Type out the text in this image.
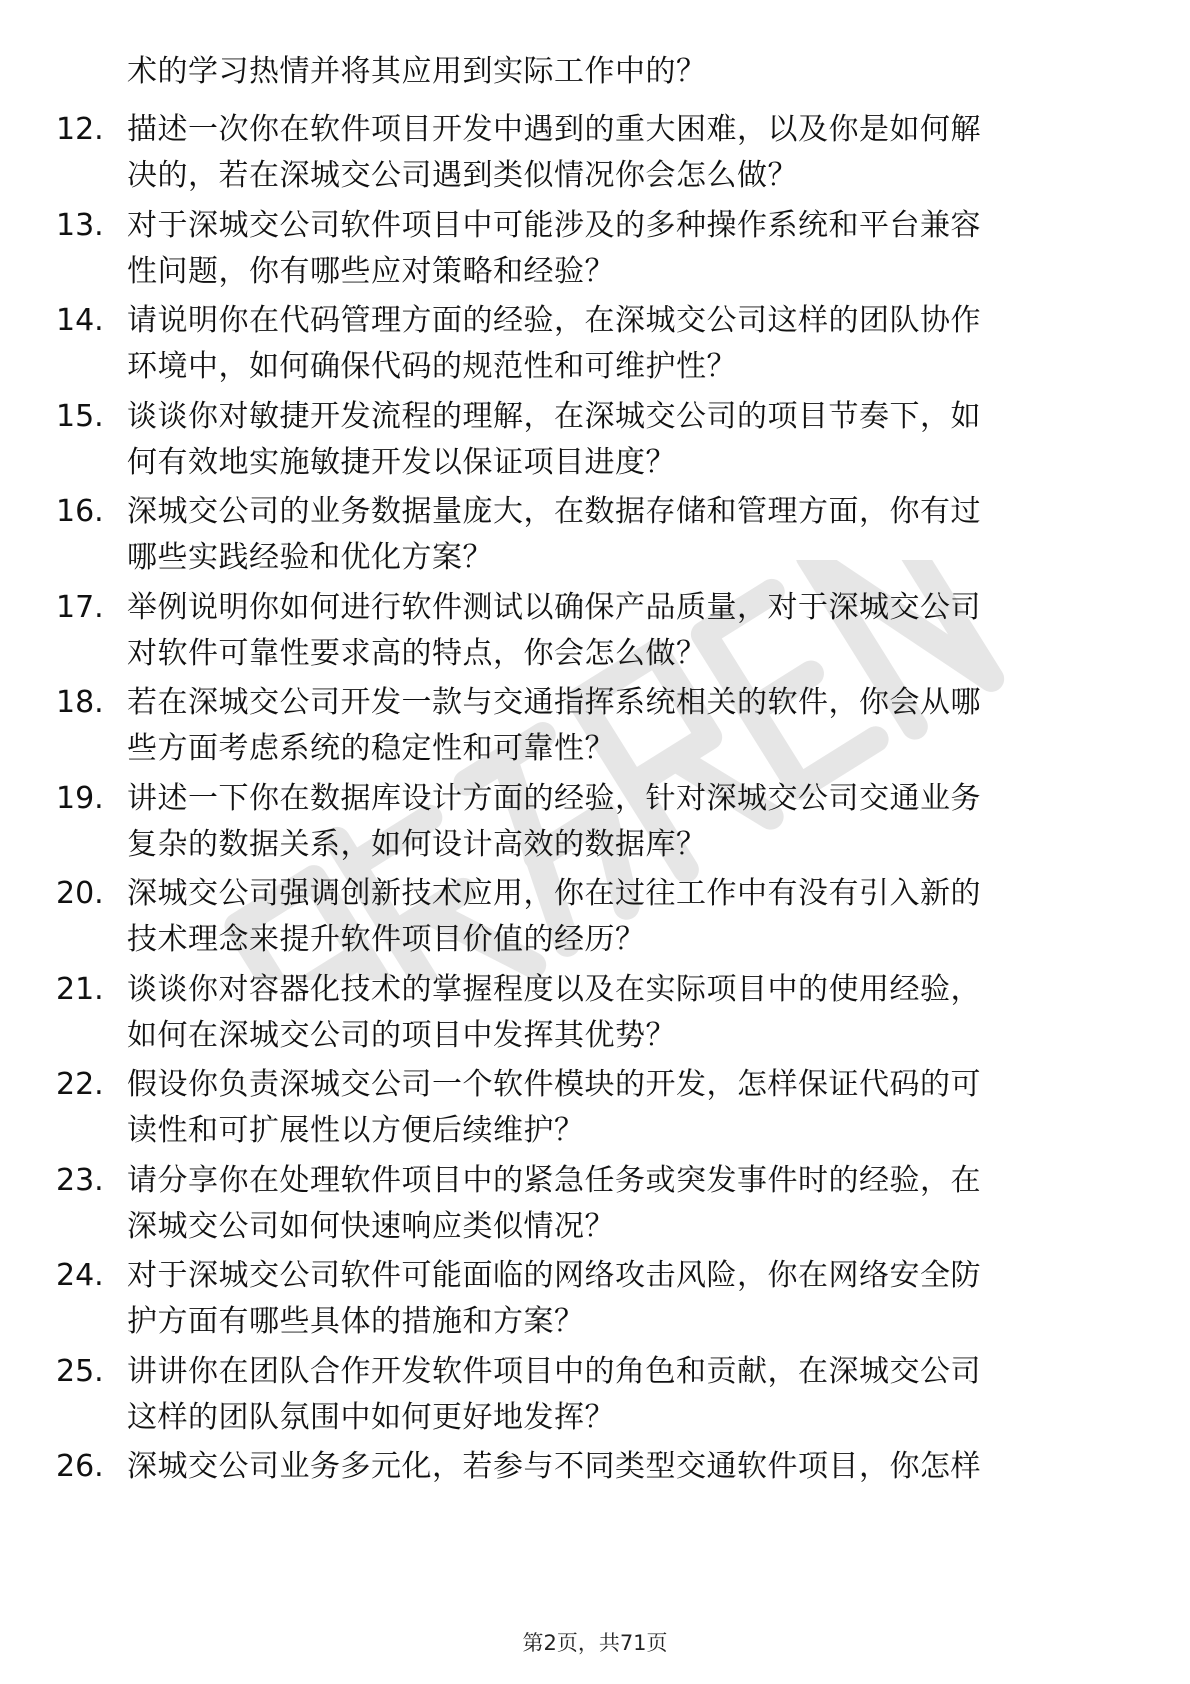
术的学习热情并将其应用到实际工作中的？
12. 描述一次你在软件项目开发中遇到的重大困难，以及你是如何解
决的，若在深城交公司遇到类似情况你会怎么做？
13. 对于深城交公司软件项目中可能涉及的多种操作系统和平台兼容
性问题，你有哪些应对策略和经验？
14. 请说明你在代码管理方面的经验，在深城交公司这样的团队协作
环境中，如何确保代码的规范性和可维护性？
15. 谈谈你对敏捷开发流程的理解，在深城交公司的项目节奏下，如
何有效地实施敏捷开发以保证项目进度？
16. 深城交公司的业务数据量庞大，在数据存储和管理方面，你有过
哪些实践经验和优化方案？
17. 举例说明你如何进行软件测试以确保产品质量，对于深城交公司
对软件可靠性要求高的特点，你会怎么做？
18. 若在深城交公司开发一款与交通指挥系统相关的软件，你会从哪
些方面考虑系统的稳定性和可靠性？
19. 讲述一下你在数据库设计方面的经验，针对深城交公司交通业务
复杂的数据关系，如何设计高效的数据库？
20. 深城交公司强调创新技术应用，你在过往工作中有没有引入新的
技术理念来提升软件项目价值的经历？
21. 谈谈你对容器化技术的掌握程度以及在实际项目中的使用经验，
如何在深城交公司的项目中发挥其优势？
22. 假设你负责深城交公司一个软件模块的开发，怎样保证代码的可
读性和可扩展性以方便后续维护？
23. 请分享你在处理软件项目中的紧急任务或突发事件时的经验，在
深城交公司如何快速响应类似情况？
24. 对于深城交公司软件可能面临的网络攻击风险，你在网络安全防
护方面有哪些具体的措施和方案？
25. 讲讲你在团队合作开发软件项目中的角色和贡献，在深城交公司
这样的团队氛围中如何更好地发挥？
26. 深城交公司业务多元化，若参与不同类型交通软件项目，你怎样
第2页，共71页
